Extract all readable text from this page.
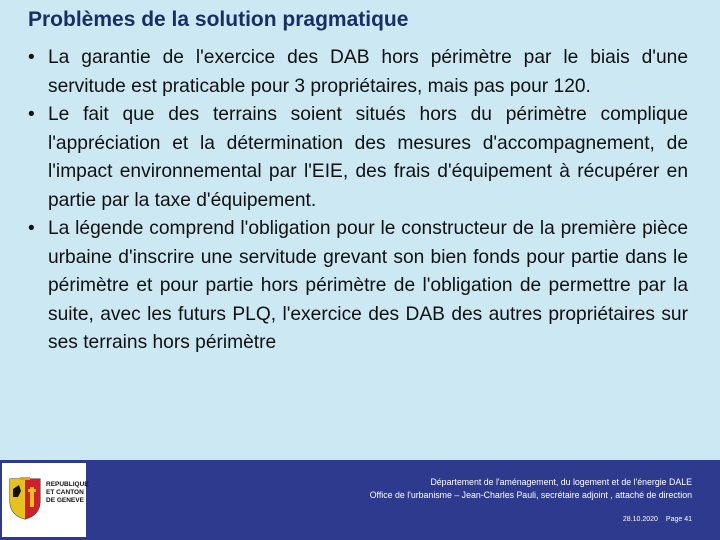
Problèmes de la solution pragmatique
• La garantie de l'exercice des DAB hors périmètre par le biais d'une servitude est praticable pour 3 propriétaires, mais pas pour 120.
• Le fait que des terrains soient situés hors du périmètre complique l'appréciation et la détermination des mesures d'accompagnement, de l'impact environnemental par l'EIE, des frais d'équipement à récupérer en partie par la taxe d'équipement.
• La légende comprend l'obligation pour le constructeur de la première pièce urbaine d'inscrire une servitude grevant son bien fonds pour partie dans le périmètre et pour partie hors périmètre de l'obligation de permettre par la suite, avec les futurs PLQ, l'exercice des DAB des autres propriétaires sur ses terrains hors périmètre
REPUBLIQUE
ET CANTON
DE GENEVE
Département de l'aménagement, du logement et de l'énergie DALE
Office de l'urbanisme – Jean-Charles Pauli, secrétaire adjoint , attaché de direction
28.10.2020 Page 41
